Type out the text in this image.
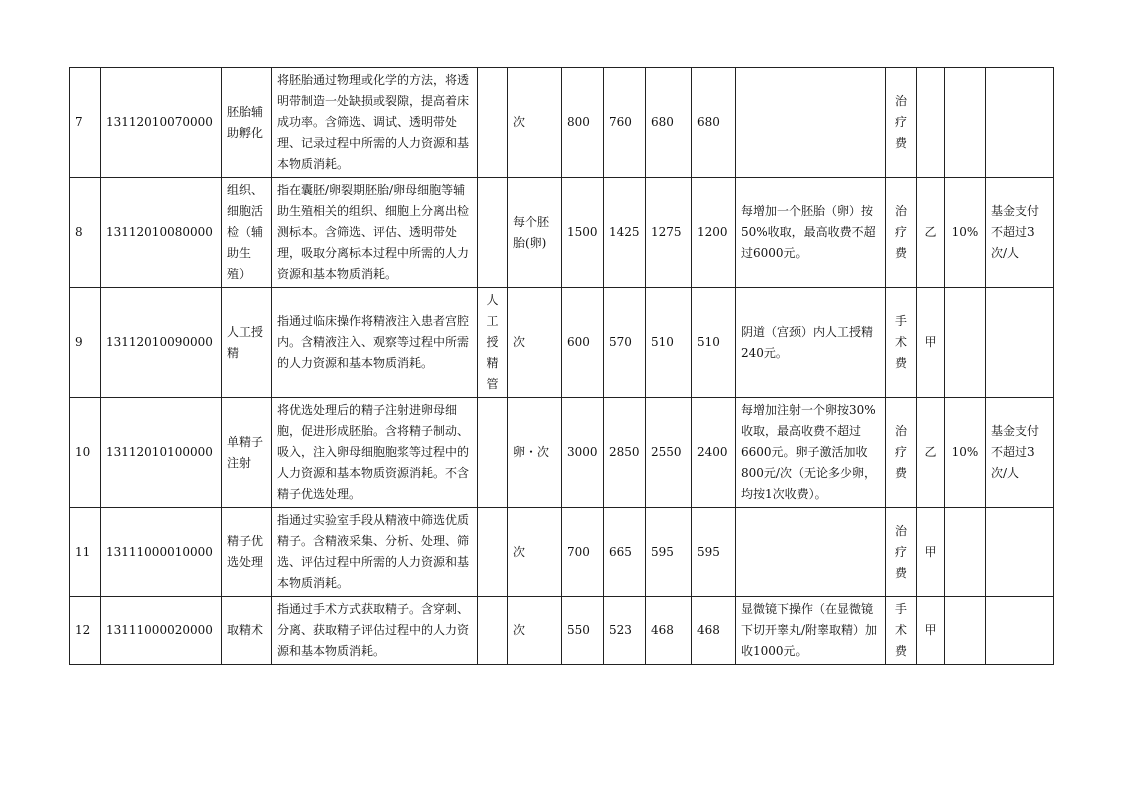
7	13112010070000	胚胎辅助孵化	将胚胎通过物理或化学的方法，将透明带制造一处缺损或裂隙，提高着床成功率。含筛选、调试、透明带处理、记录过程中所需的人力资源和基本物质消耗。		次	800	760	680	680		治疗费			
8	13112010080000	组织、细胞活检（辅助生殖）	指在囊胚/卵裂期胚胎/卵母细胞等辅助生殖相关的组织、细胞上分离出检测标本。含筛选、评估、透明带处理，吸取分离标本过程中所需的人力资源和基本物质消耗。		每个胚胎(卵)	1500	1425	1275	1200	每增加一个胚胎（卵）按50%收取，最高收费不超过6000元。	治疗费	乙	10%	基金支付不超过3次/人
9	13112010090000	人工授精	指通过临床操作将精液注入患者宫腔内。含精液注入、观察等过程中所需的人力资源和基本物质消耗。	人工授精管	次	600	570	510	510	阴道（宫颈）内人工授精240元。	手术费	甲		
10	13112010100000	单精子注射	将优选处理后的精子注射进卵母细胞，促进形成胚胎。含将精子制动、吸入，注入卵母细胞胞浆等过程中的人力资源和基本物质资源消耗。不含精子优选处理。		卵・次	3000	2850	2550	2400	每增加注射一个卵按30%收取，最高收费不超过6600元。卵子激活加收800元/次（无论多少卵，均按1次收费）。	治疗费	乙	10%	基金支付不超过3次/人
11	13111000010000	精子优选处理	指通过实验室手段从精液中筛选优质精子。含精液采集、分析、处理、筛选、评估过程中所需的人力资源和基本物质消耗。		次	700	665	595	595		治疗费	甲		
12	13111000020000	取精术	指通过手术方式获取精子。含穿刺、分离、获取精子评估过程中的人力资源和基本物质消耗。		次	550	523	468	468	显微镜下操作（在显微镜下切开睾丸/附睾取精）加收1000元。	手术费	甲		
